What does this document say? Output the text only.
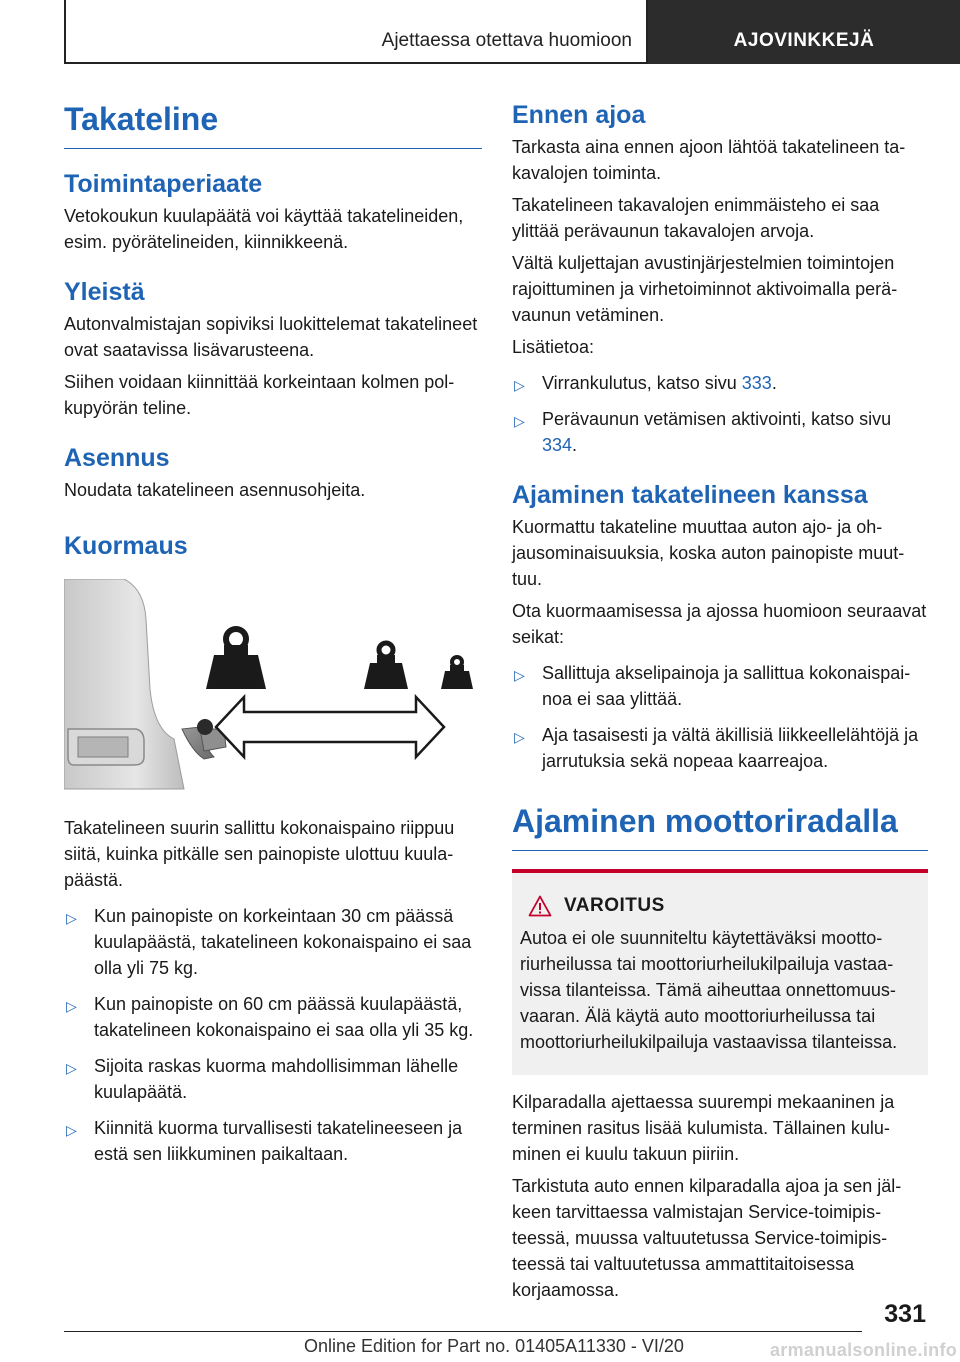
Ajettaessa otettava huomioon	AJOVINKKEJÄ
Takateline
Toimintaperiaate
Vetokoukun kuulapäätä voi käyttää takatelineiden, esim. pyörätelineiden, kiinnikkeenä.
Yleistä
Autonvalmistajan sopiviksi luokittelemat takatelineet ovat saatavissa lisävarusteena.
Siihen voidaan kiinnittää korkeintaan kolmen polkupyörän teline.
Asennus
Noudata takatelineen asennusohjeita.
Kuormaus
Takatelineen suurin sallittu kokonaispaino riippuu siitä, kuinka pitkälle sen painopiste ulottuu kuulapäästä.
▷ Kun painopiste on korkeintaan 30 cm päässä kuulapäästä, takatelineen kokonaispaino ei saa olla yli 75 kg.
▷ Kun painopiste on 60 cm päässä kuulapäästä, takatelineen kokonaispaino ei saa olla yli 35 kg.
▷ Sijoita raskas kuorma mahdollisimman lähelle kuulapäätä.
▷ Kiinnitä kuorma turvallisesti takatelineeseen ja estä sen liikkuminen paikaltaan.
Ennen ajoa
Tarkasta aina ennen ajoon lähtöä takatelineen takavalojen toiminta.
Takatelineen takavalojen enimmäisteho ei saa ylittää perävaunun takavalojen arvoja.
Vältä kuljettajan avustinjärjestelmien toimintojen rajoittuminen ja virhetoiminnot aktivoimalla perävaunun vetäminen.
Lisätietoa:
▷ Virrankulutus, katso sivu 333.
▷ Perävaunun vetämisen aktivointi, katso sivu 334.
Ajaminen takatelineen kanssa
Kuormattu takateline muuttaa auton ajo- ja ohjausominaisuuksia, koska auton painopiste muuttuu.
Ota kuormaamisessa ja ajossa huomioon seuraavat seikat:
▷ Sallittuja akselipainoja ja sallittua kokonaispainoa ei saa ylittää.
▷ Aja tasaisesti ja vältä äkillisiä liikkeellelähtöjä ja jarrutuksia sekä nopeaa kaarreajoa.
Ajaminen moottoriradalla
VAROITUS
Autoa ei ole suunniteltu käytettäväksi moottoriurheilussa tai moottoriurheilukilpailuja vastaavissa tilanteissa. Tämä aiheuttaa onnettomuusvaaran. Älä käytä auto moottoriurheilussa tai moottoriurheilukilpailuja vastaavissa tilanteissa.
Kilparadalla ajettaessa suurempi mekaaninen ja terminen rasitus lisää kulumista. Tällainen kuluminen ei kuulu takuun piiriin.
Tarkistuta auto ennen kilparadalla ajoa ja sen jälkeen tarvittaessa valmistajan Service-toimipisteessä, muussa valtuutetussa Service-toimipisteessä tai valtuutetussa ammattitaitoisessa korjaamossa.
331
Online Edition for Part no. 01405A11330 - VI/20	armanualsonline.info
